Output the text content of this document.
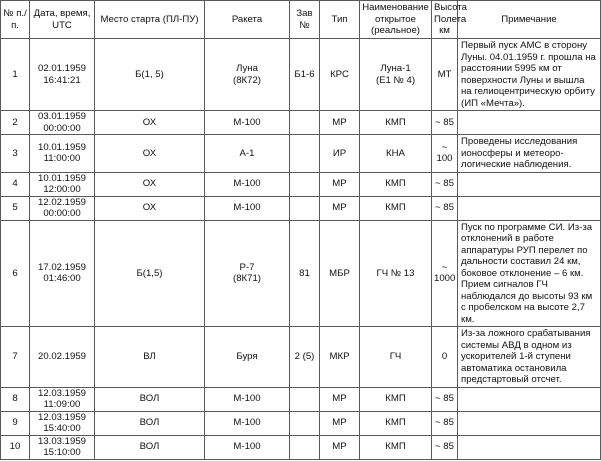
№ п./п.	Дата, время, UTC	Место старта (ПЛ-ПУ)	Ракета	Зав №	Тип	Наименование открытое (реальное)	Высота Полета км	Примечание

1	02.01.1959
16:41:21	Б(1, 5)	Луна
(8К72)	Б1-6	КРС	Луна-1
(Е1 № 4)	МТ	Первый пуск АМС в сторону Луны. 04.01.1959 г. прошла на расстоянии 5995 км от поверхности Луны и вышла на гелиоцентрическую орбиту (ИП «Мечта»).

2	03.01.1959
00:00:00	ОХ	М-100		МР	КМП	~ 85	

3	10.01.1959
11:00:00	ОХ	А-1		ИР	КНА	~ 100	Проведены исследования ионосферы и метеоро-логические наблюдения.

4	10.01.1959
12:00:00	ОХ	М-100		МР	КМП	~ 85	

5	12.02.1959
00:00:00	ОХ	М-100		МР	КМП	~ 85	

6	17.02.1959
01:46:00	Б(1,5)	Р-7
(8К71)	81	МБР	ГЧ № 13	~ 1000	Пуск по программе СИ. Из-за отклонений в работе аппаратуры РУП перелет по дальности составил 24 км, боковое отклонение – 6 км. Прием сигналов ГЧ наблюдался до высоты 93 км с пробелском на высоте 2,7 км.

7	20.02.1959	ВЛ	Буря	2 (5)	МКР	ГЧ	0	Из-за ложного срабатывания системы АВД в одном из ускорителей 1-й ступени автоматика остановила предстартовый отсчет.

8	12.03.1959
11:09:00	ВОЛ	М-100		МР	КМП	~ 85	

9	12.03.1959
15:40:00	ВОЛ	М-100		МР	КМП	~ 85	

10	13.03.1959
15:10:00	ВОЛ	М-100		МР	КМП	~ 85	
